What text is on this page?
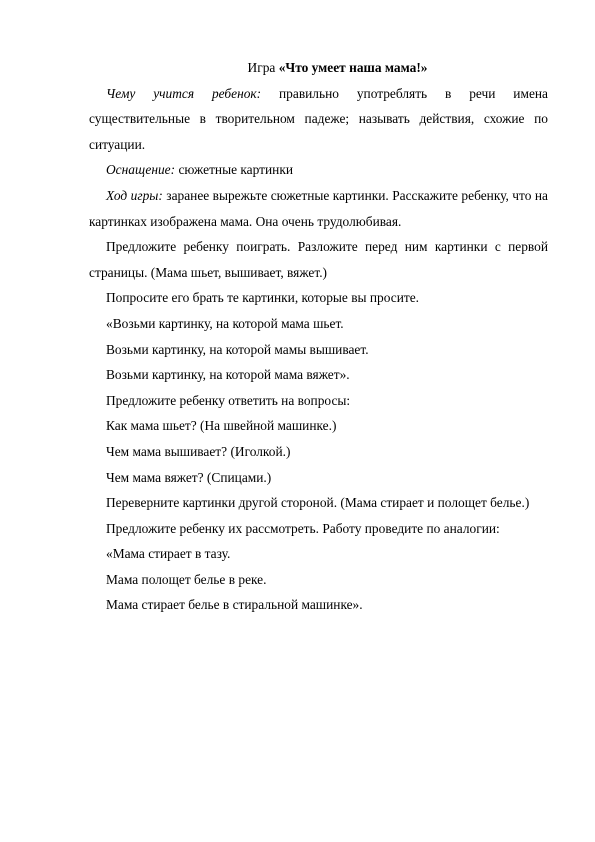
Игра «Что умеет наша мама!»

Чему учится ребенок: правильно употреблять в речи имена существительные в творительном падеже; называть действия, схожие по ситуации.

Оснащение: сюжетные картинки

Ход игры: заранее вырежьте сюжетные картинки. Расскажите ребенку, что на картинках изображена мама. Она очень трудолюбивая.

Предложите ребенку поиграть. Разложите перед ним картинки с первой страницы. (Мама шьет, вышивает, вяжет.)

Попросите его брать те картинки, которые вы просите.

«Возьми картинку, на которой мама шьет.

Возьми картинку, на которой мамы вышивает.

Возьми картинку, на которой мама вяжет».

Предложите ребенку ответить на вопросы:

Как мама шьет? (На швейной машинке.)

Чем мама вышивает? (Иголкой.)

Чем мама вяжет? (Спицами.)

Переверните картинки другой стороной. (Мама стирает и полощет белье.)

Предложите ребенку их рассмотреть. Работу проведите по аналогии:

«Мама стирает в тазу.

Мама полощет белье в реке.

Мама стирает белье в стиральной машинке».
